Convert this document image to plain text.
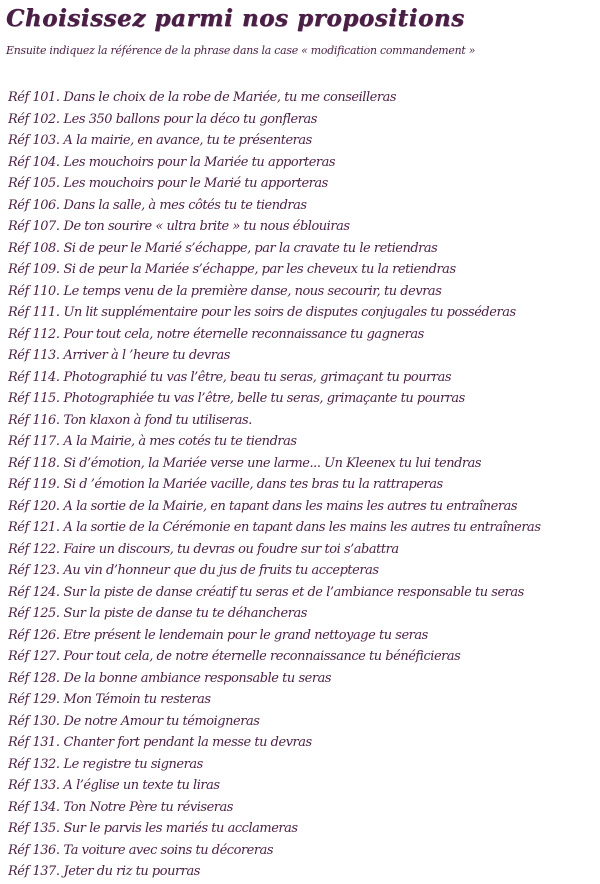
Choisissez parmi nos propositions
Ensuite indiquez la référence de la phrase dans la case « modification commandement »
Réf 101. Dans le choix de la robe de Mariée, tu me conseilleras
Réf 102. Les 350 ballons pour la déco tu gonfleras
Réf 103. A la mairie, en avance, tu te présenteras
Réf 104. Les mouchoirs pour la Mariée tu apporteras
Réf 105. Les mouchoirs pour le Marié tu apporteras
Réf 106. Dans la salle, à mes côtés tu te tiendras
Réf 107. De ton sourire « ultra brite » tu nous éblouiras
Réf 108. Si de peur le Marié s’échappe, par la cravate tu le retiendras
Réf 109. Si de peur la Mariée s’échappe, par les cheveux tu la retiendras
Réf 110. Le temps venu de la première danse, nous secourir, tu devras
Réf 111. Un lit supplémentaire pour les soirs de disputes conjugales tu posséderas
Réf 112. Pour tout cela, notre éternelle reconnaissance tu gagneras
Réf 113. Arriver à l ’heure tu devras
Réf 114. Photographié tu vas l’être, beau tu seras, grimaçant tu pourras
Réf 115. Photographiée tu vas l’être, belle tu seras, grimaçante tu pourras
Réf 116. Ton klaxon à fond tu utiliseras.
Réf 117. A la Mairie, à mes cotés tu te tiendras
Réf 118. Si d’émotion, la Mariée verse une larme... Un Kleenex tu lui tendras
Réf 119. Si d ’émotion la Mariée vacille, dans tes bras tu la rattraperas
Réf 120. A la sortie de la Mairie, en tapant dans les mains les autres tu entraîneras
Réf 121. A la sortie de la Cérémonie en tapant dans les mains les autres tu entraîneras
Réf 122. Faire un discours, tu devras ou foudre sur toi s’abattra
Réf 123. Au vin d’honneur que du jus de fruits tu accepteras
Réf 124. Sur la piste de danse créatif tu seras et de l’ambiance responsable tu seras
Réf 125. Sur la piste de danse tu te déhancheras
Réf 126. Etre présent le lendemain pour le grand nettoyage tu seras
Réf 127. Pour tout cela, de notre éternelle reconnaissance tu bénéficieras
Réf 128. De la bonne ambiance responsable tu seras
Réf 129. Mon Témoin tu resteras
Réf 130. De notre Amour tu témoigneras
Réf 131. Chanter fort pendant la messe tu devras
Réf 132. Le registre tu signeras
Réf 133. A l’église un texte tu liras
Réf 134. Ton Notre Père tu réviseras
Réf 135. Sur le parvis les mariés tu acclameras
Réf 136. Ta voiture avec soins tu décoreras
Réf 137. Jeter du riz tu pourras
